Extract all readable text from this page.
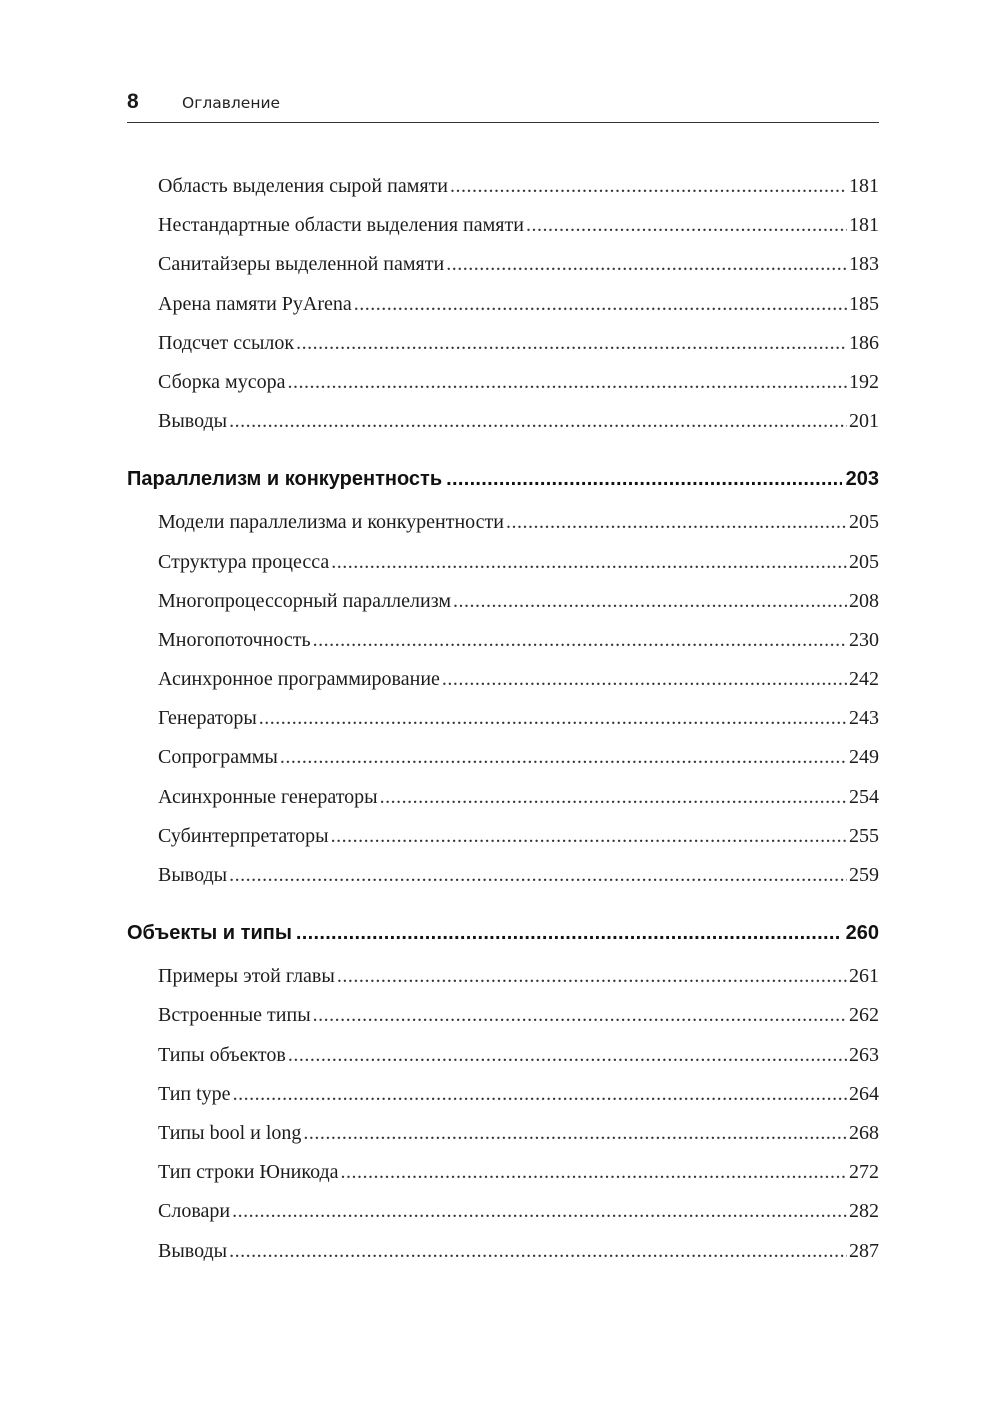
8	Оглавление
Область выделения сырой памяти .....	181
Нестандартные области выделения памяти .....	181
Санитайзеры выделенной памяти .....	183
Арена памяти PyArena .....	185
Подсчет ссылок .....	186
Сборка мусора .....	192
Выводы .....	201
Параллелизм и конкурентность .....	203
Модели параллелизма и конкурентности .....	205
Структура процесса .....	205
Многопроцессорный параллелизм .....	208
Многопоточность .....	230
Асинхронное программирование .....	242
Генераторы .....	243
Сопрограммы .....	249
Асинхронные генераторы .....	254
Субинтерпретаторы .....	255
Выводы .....	259
Объекты и типы .....	260
Примеры этой главы .....	261
Встроенные типы .....	262
Типы объектов .....	263
Тип type .....	264
Типы bool и long .....	268
Тип строки Юникода .....	272
Словари .....	282
Выводы .....	287
